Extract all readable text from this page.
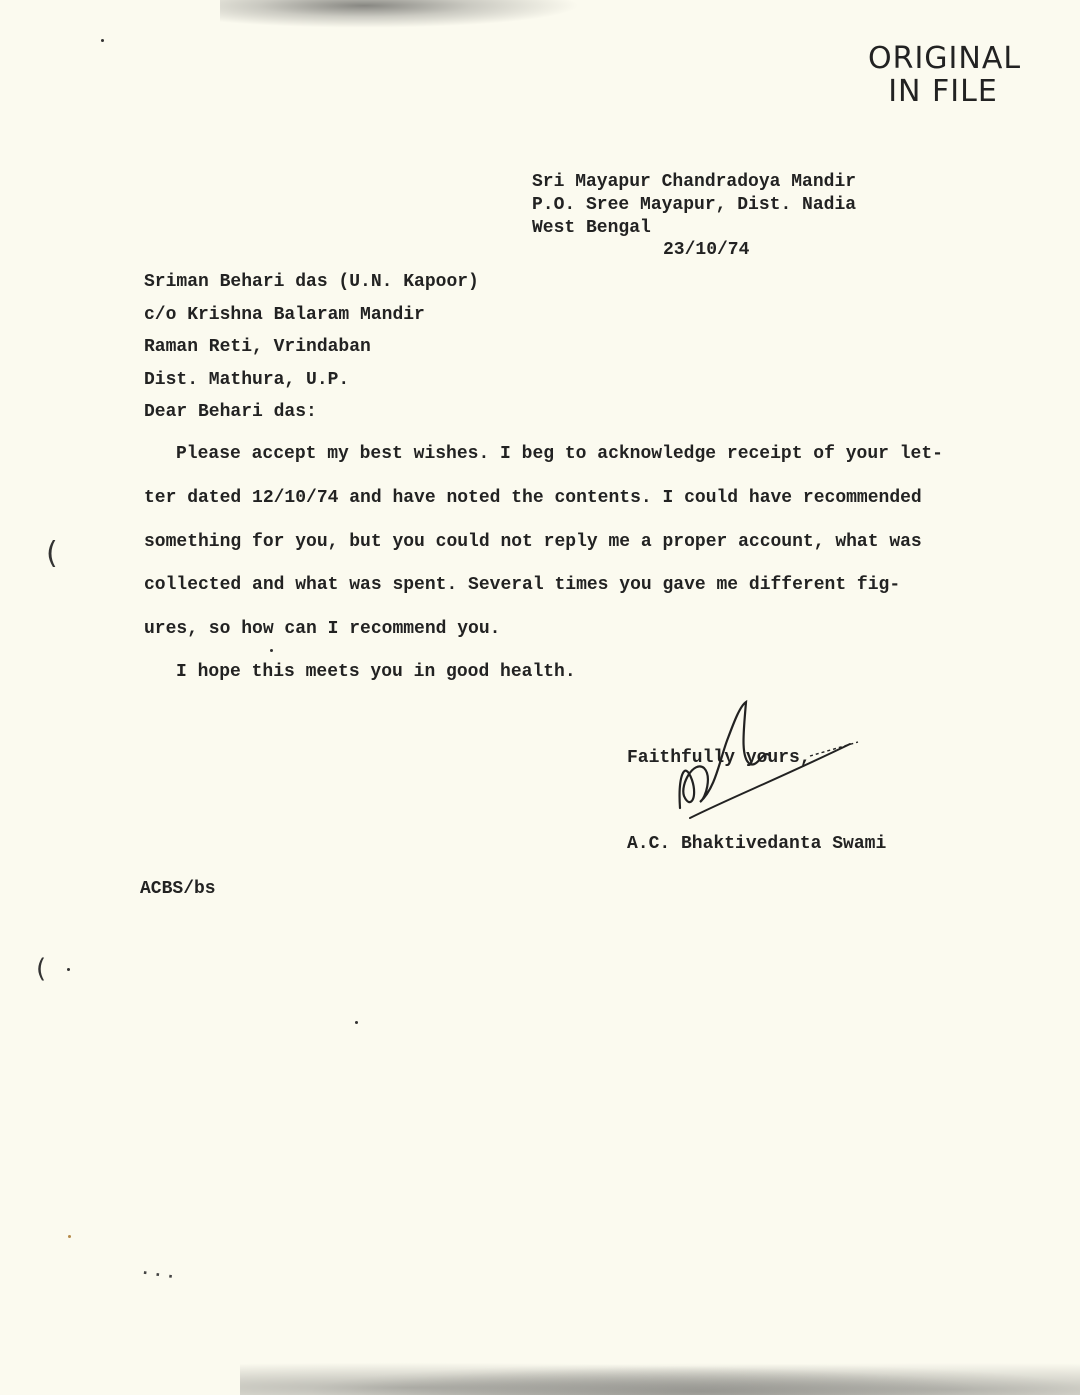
ORIGINAL
IN FILE
Sri Mayapur Chandradoya Mandir
P.O. Sree Mayapur, Dist. Nadia
West Bengal
23/10/74
Sriman Behari das (U.N. Kapoor)
c/o Krishna Balaram Mandir
Raman Reti, Vrindaban
Dist. Mathura, U.P.
Dear Behari das:
Please accept my best wishes. I beg to acknowledge receipt of your let-
ter dated 12/10/74 and have noted the contents. I could have recommended
something for you, but you could not reply me a proper account, what was
collected and what was spent. Several times you gave me different fig-
ures, so how can I recommend you.
I hope this meets you in good health.
Faithfully yours,
A.C. Bhaktivedanta Swami
ACBS/bs
(
(
...
